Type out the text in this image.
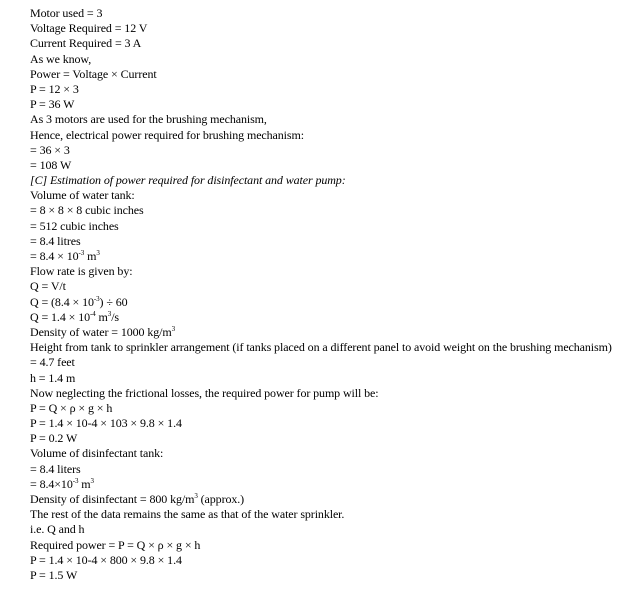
Motor used = 3
Voltage Required = 12 V
Current Required = 3 A
As we know,
Power = Voltage × Current
P = 12 × 3
P = 36 W
As 3 motors are used for the brushing mechanism,
Hence, electrical power required for brushing mechanism:
= 36 × 3
= 108 W
[C] Estimation of power required for disinfectant and water pump:
Volume of water tank:
= 8 × 8 × 8 cubic inches
= 512 cubic inches
= 8.4 litres
= $8.4 \times 10^{-3}$ $m^3$
Flow rate is given by:
Q = V/t
$Q = (8.4 \times 10^{-3}) \div 60$
$Q = 1.4 \times 10^{-4}$ $m^3/s$
Density of water = 1000 $kg/m^3$
Height from tank to sprinkler arrangement (if tanks placed on a different panel to avoid weight on the brushing mechanism)
= 4.7 feet
h = 1.4 m
Now neglecting the frictional losses, the required power for pump will be:
P = Q × ρ × g × h
P = 1.4 × 10-4 × 103 × 9.8 × 1.4
P = 0.2 W
Volume of disinfectant tank:
= 8.4 liters
= $8.4\times 10^{-3}$ $m^3$
Density of disinfectant = 800 $kg/m^3$ (approx.)
The rest of the data remains the same as that of the water sprinkler.
i.e. Q and h
Required power = P = Q × ρ × g × h
P = 1.4 × 10-4 × 800 × 9.8 × 1.4
P = 1.5 W
